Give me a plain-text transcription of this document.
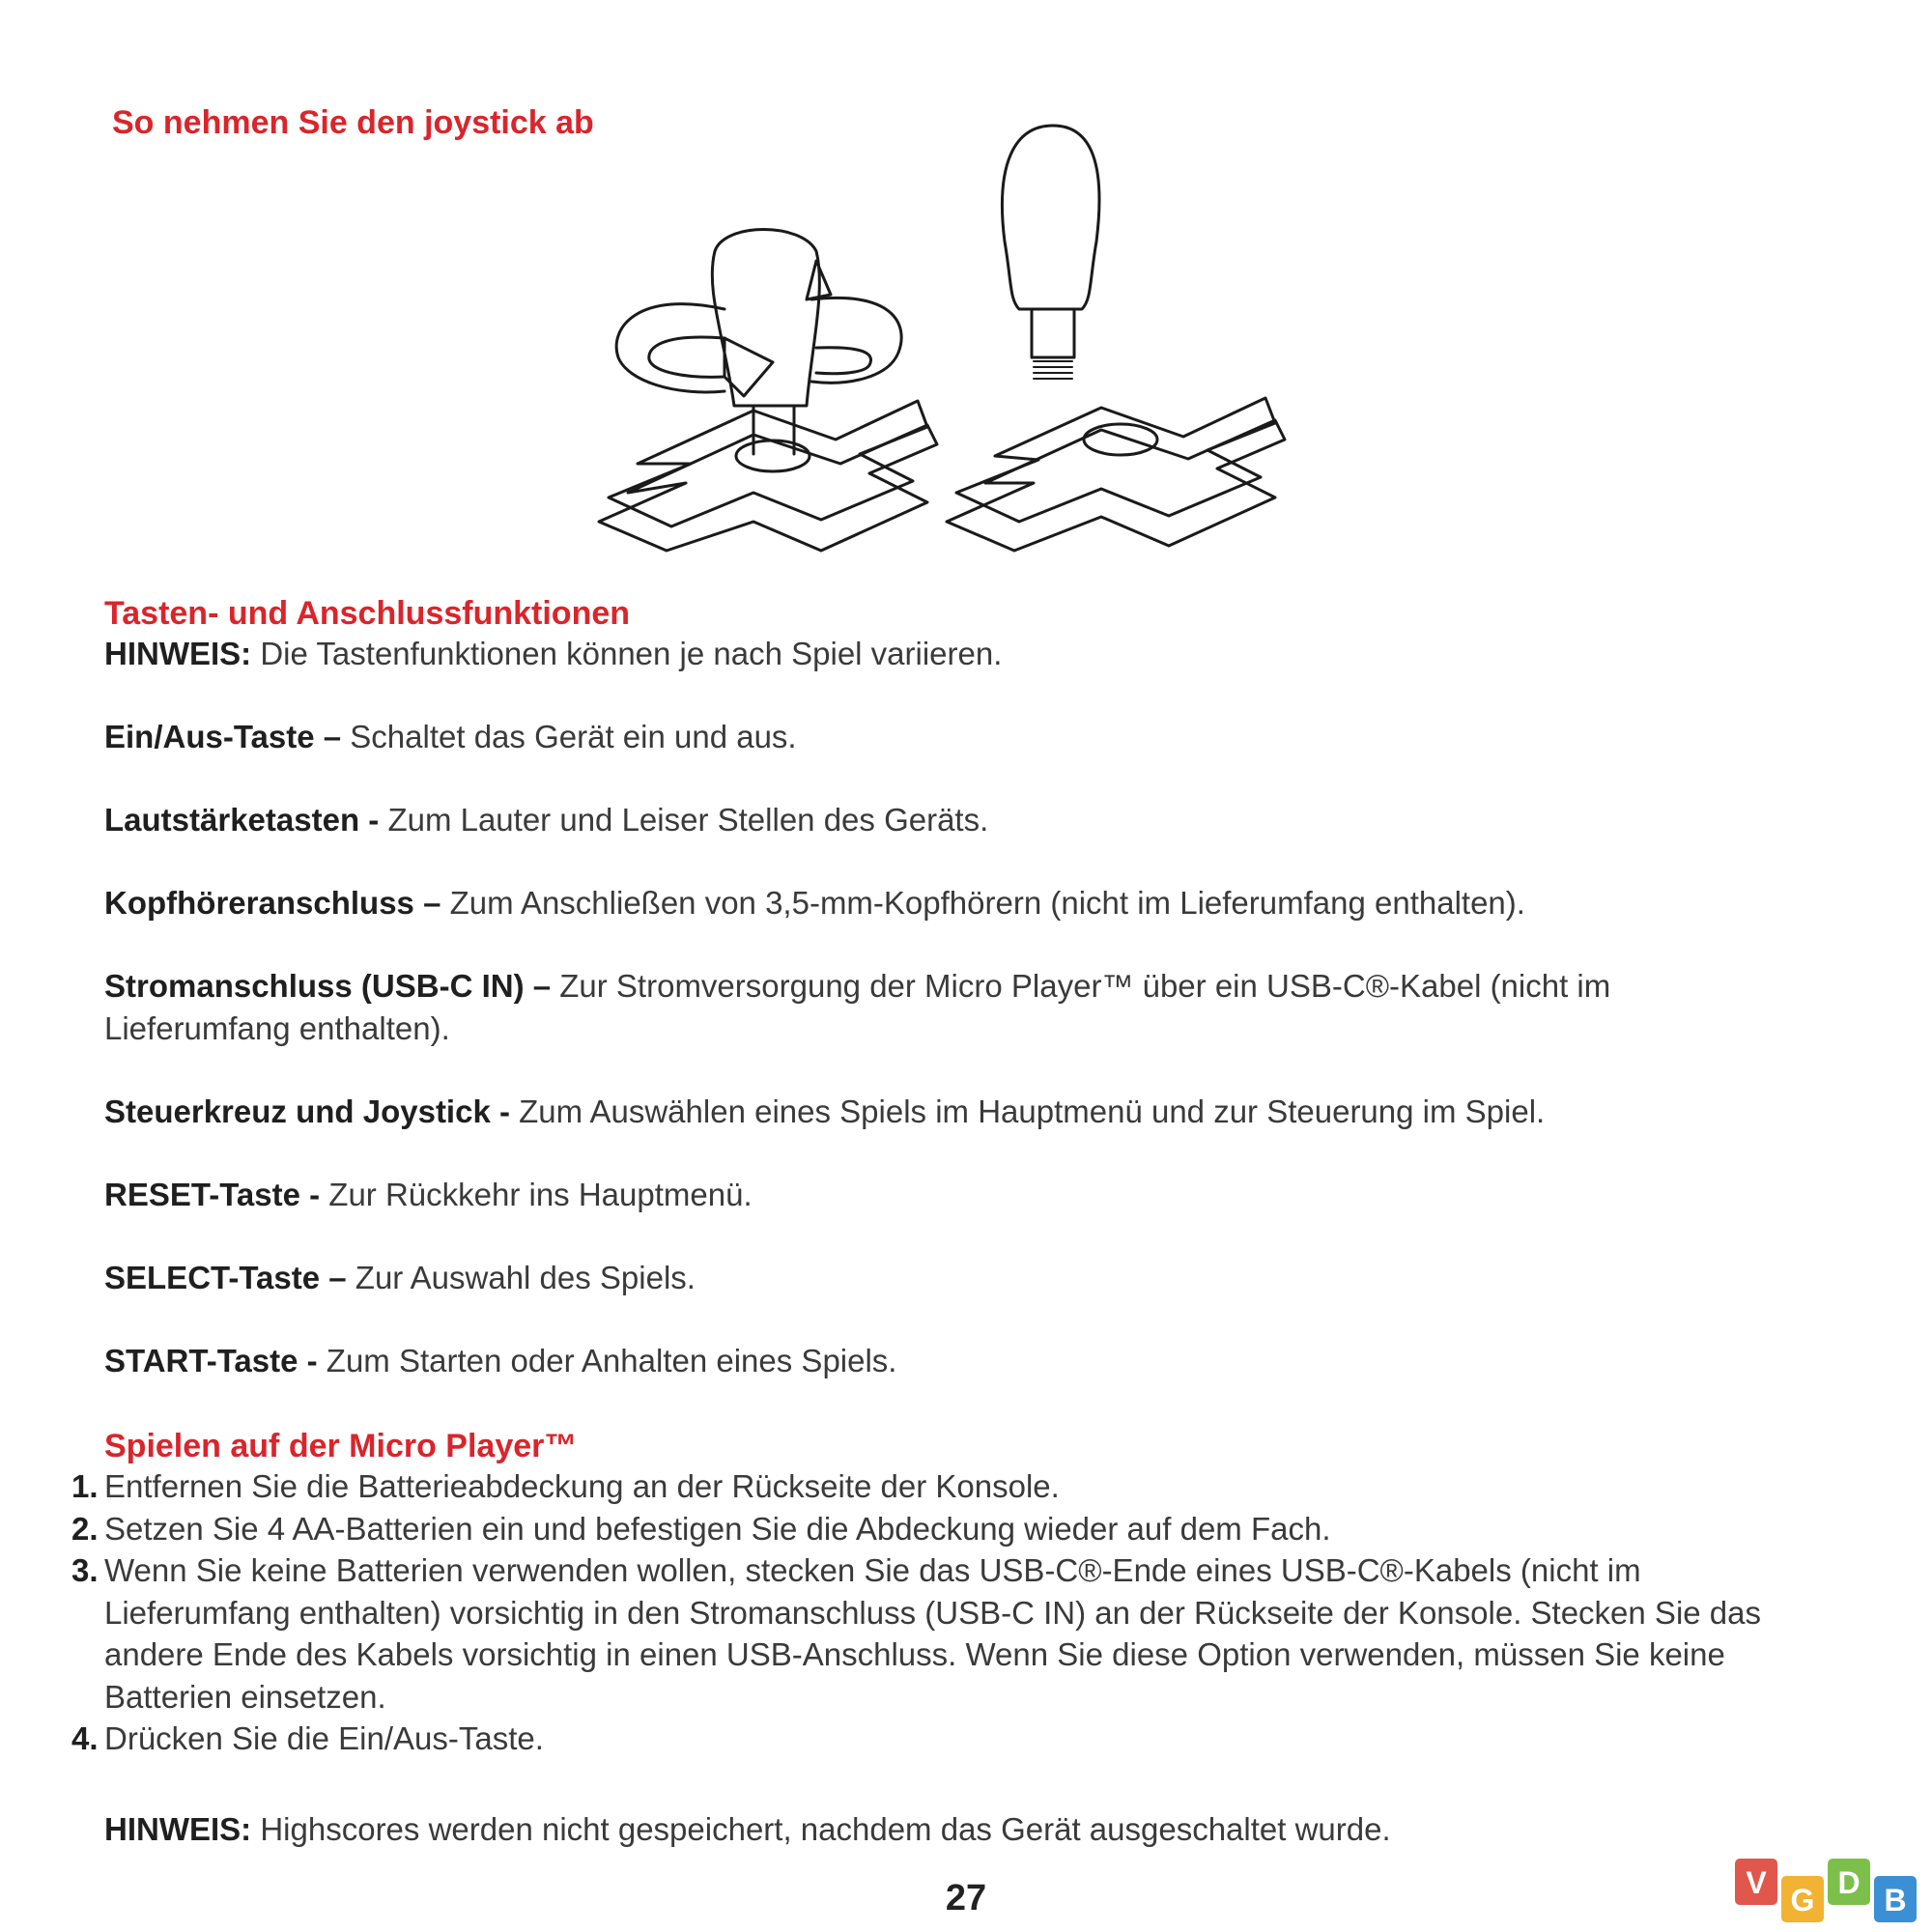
So nehmen Sie den joystick ab
Tasten- und Anschlussfunktionen

HINWEIS: Die Tastenfunktionen können je nach Spiel variieren.

Ein/Aus-Taste – Schaltet das Gerät ein und aus.

Lautstärketasten - Zum Lauter und Leiser Stellen des Geräts.

Kopfhöreranschluss – Zum Anschließen von 3,5-mm-Kopfhörern (nicht im Lieferumfang enthalten).

Stromanschluss (USB-C IN) – Zur Stromversorgung der Micro Player™ über ein USB-C®-Kabel (nicht im Lieferumfang enthalten).

Steuerkreuz und Joystick - Zum Auswählen eines Spiels im Hauptmenü und zur Steuerung im Spiel.

RESET-Taste - Zur Rückkehr ins Hauptmenü.

SELECT-Taste – Zur Auswahl des Spiels.

START-Taste - Zum Starten oder Anhalten eines Spiels.

Spielen auf der Micro Player™
1. Entfernen Sie die Batterieabdeckung an der Rückseite der Konsole.
2. Setzen Sie 4 AA-Batterien ein und befestigen Sie die Abdeckung wieder auf dem Fach.
3. Wenn Sie keine Batterien verwenden wollen, stecken Sie das USB-C®-Ende eines USB-C®-Kabels (nicht im Lieferumfang enthalten) vorsichtig in den Stromanschluss (USB-C IN) an der Rückseite der Konsole. Stecken Sie das andere Ende des Kabels vorsichtig in einen USB-Anschluss. Wenn Sie diese Option verwenden, müssen Sie keine Batterien einsetzen.
4. Drücken Sie die Ein/Aus-Taste.

HINWEIS: Highscores werden nicht gespeichert, nachdem das Gerät ausgeschaltet wurde.

27	V G D B
